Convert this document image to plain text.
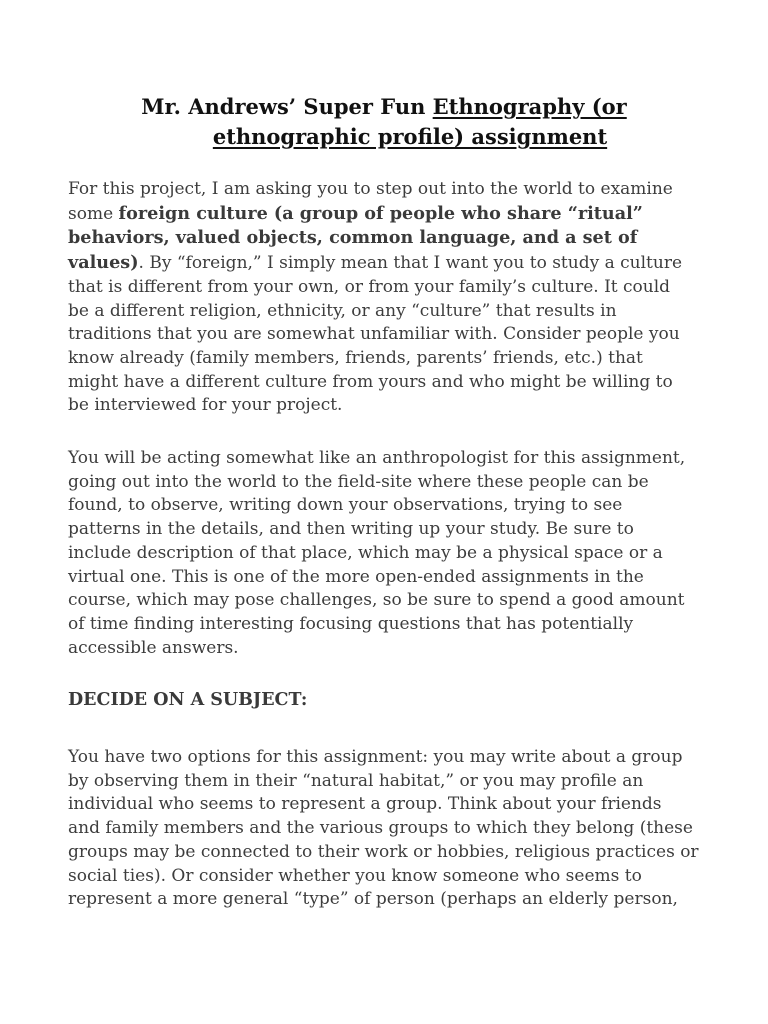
Mr. Andrews’ Super Fun Ethnography (or
ethnographic profile) assignment
For this project, I am asking you to step out into the world to examine
some foreign culture (a group of people who share “ritual”
behaviors, valued objects, common language, and a set of
values). By “foreign,” I simply mean that I want you to study a culture
that is different from your own, or from your family’s culture. It could
be a different religion, ethnicity, or any “culture” that results in
traditions that you are somewhat unfamiliar with. Consider people you
know already (family members, friends, parents’ friends, etc.) that
might have a different culture from yours and who might be willing to
be interviewed for your project.
You will be acting somewhat like an anthropologist for this assignment,
going out into the world to the field-site where these people can be
found, to observe, writing down your observations, trying to see
patterns in the details, and then writing up your study. Be sure to
include description of that place, which may be a physical space or a
virtual one. This is one of the more open-ended assignments in the
course, which may pose challenges, so be sure to spend a good amount
of time finding interesting focusing questions that has potentially
accessible answers.
DECIDE ON A SUBJECT:
You have two options for this assignment: you may write about a group
by observing them in their “natural habitat,” or you may profile an
individual who seems to represent a group. Think about your friends
and family members and the various groups to which they belong (these
groups may be connected to their work or hobbies, religious practices or
social ties). Or consider whether you know someone who seems to
represent a more general “type” of person (perhaps an elderly person,
